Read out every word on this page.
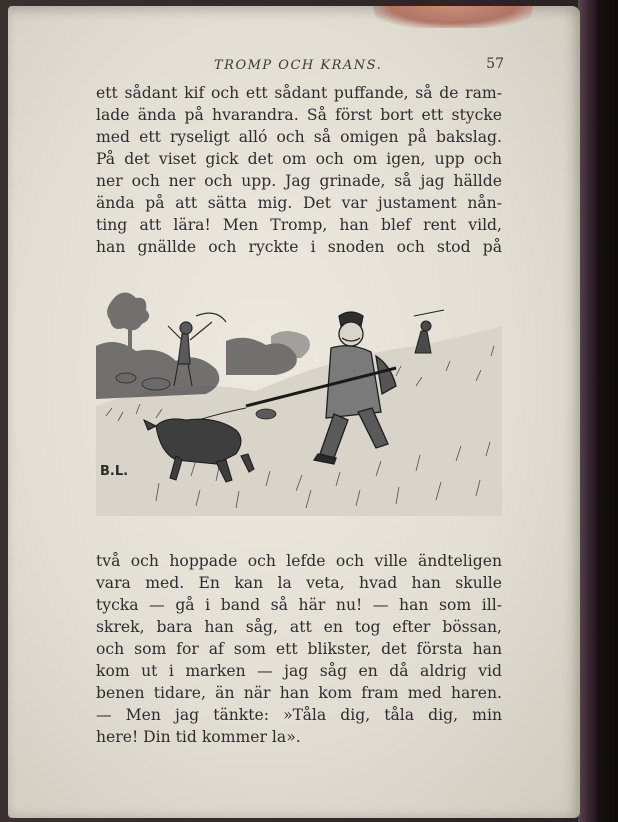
TROMP OCH KRANS.	57
ett sådant kif och ett sådant puffande, så de ram-
lade ända på hvarandra. Så först bort ett stycke
med ett ryseligt alló och så omigen på bakslag.
På det viset gick det om och om igen, upp och
ner och ner och upp. Jag grinade, så jag hällde
ända på att sätta mig. Det var justament nån-
ting att lära! Men Tromp, han blef rent vild,
han gnällde och ryckte i snoden och stod på
B.L.
två och hoppade och lefde och ville ändteligen
vara med. En kan la veta, hvad han skulle
tycka — gå i band så här nu! — han som ill-
skrek, bara han såg, att en tog efter bössan,
och som for af som ett blikster, det första han
kom ut i marken — jag såg en då aldrig vid
benen tidare, än när han kom fram med haren.
— Men jag tänkte: »Tåla dig, tåla dig, min
here! Din tid kommer la».
